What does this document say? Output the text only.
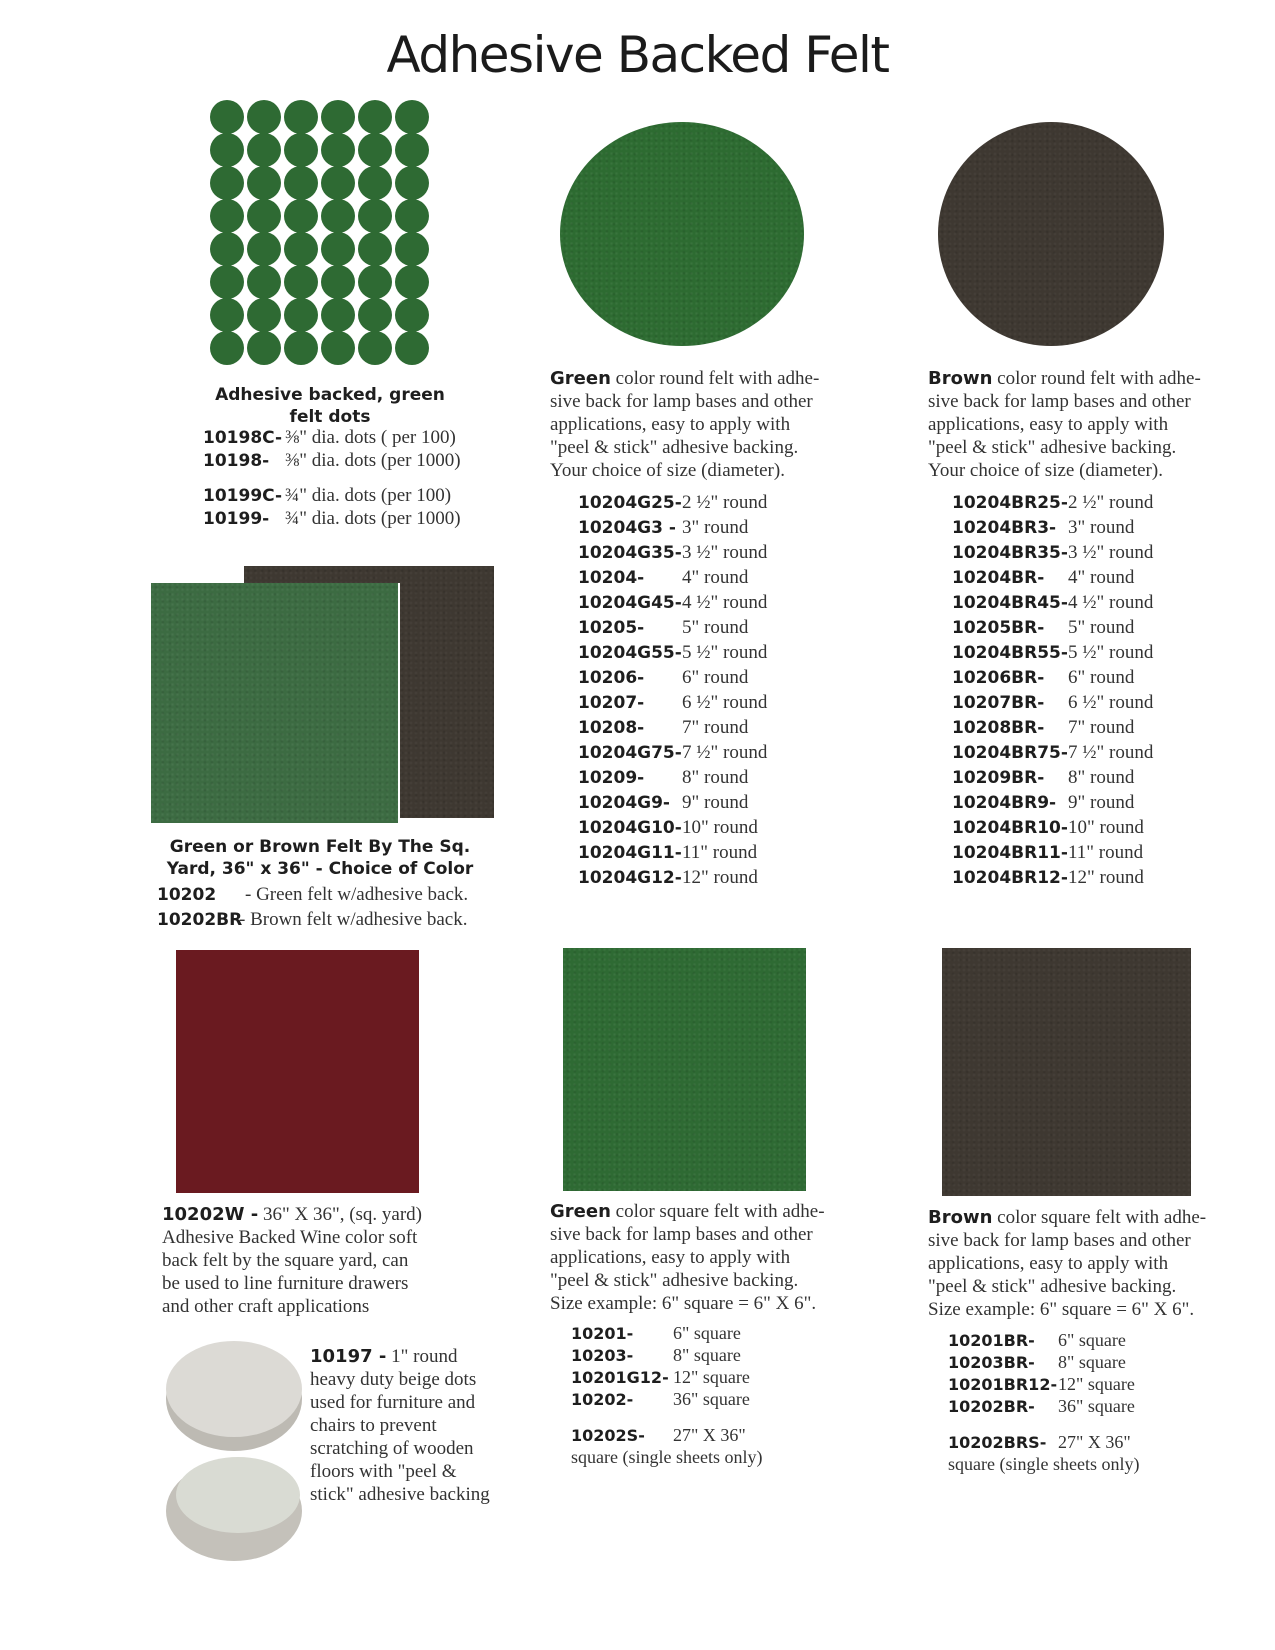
Adhesive Backed Felt
Adhesive backed, green
felt dots
10198C- ⅜" dia. dots ( per 100)
10198- ⅜" dia. dots (per 1000)
10199C- ¾" dia. dots (per 100)
10199- ¾" dia. dots (per 1000)
Green or Brown Felt By The Sq.
Yard, 36" x 36" - Choice of Color
10202 - Green felt w/adhesive back.
10202BR- Brown felt w/adhesive back.
Green color round felt with adhe-
sive back for lamp bases and other
applications, easy to apply with
"peel & stick" adhesive backing.
Your choice of size (diameter).
10204G25-2 ½" round
10204G3 - 3" round
10204G35-3 ½" round
10204- 4" round
10204G45-4 ½" round
10205- 5" round
10204G55-5 ½" round
10206- 6" round
10207- 6 ½" round
10208- 7" round
10204G75-7 ½" round
10209- 8" round
10204G9- 9" round
10204G10-10" round
10204G11-11" round
10204G12-12" round
Brown color round felt with adhe-
sive back for lamp bases and other
applications, easy to apply with
"peel & stick" adhesive backing.
Your choice of size (diameter).
10204BR25-2 ½" round
10204BR3- 3" round
10204BR35-3 ½" round
10204BR- 4" round
10204BR45-4 ½" round
10205BR- 5" round
10204BR55-5 ½" round
10206BR- 6" round
10207BR- 6 ½" round
10208BR- 7" round
10204BR75-7 ½" round
10209BR- 8" round
10204BR9- 9" round
10204BR10-10" round
10204BR11-11" round
10204BR12-12" round
10202W - 36" X 36", (sq. yard)
Adhesive Backed Wine color soft
back felt by the square yard, can
be used to line furniture drawers
and other craft applications
Green color square felt with adhe-
sive back for lamp bases and other
applications, easy to apply with
"peel & stick" adhesive backing.
Size example: 6" square = 6" X 6".
10201- 6" square
10203- 8" square
10201G12- 12" square
10202- 36" square
10202S- 27" X 36"
square (single sheets only)
Brown color square felt with adhe-
sive back for lamp bases and other
applications, easy to apply with
"peel & stick" adhesive backing.
Size example: 6" square = 6" X 6".
10201BR- 6" square
10203BR- 8" square
10201BR12-12" square
10202BR- 36" square
10202BRS- 27" X 36"
square (single sheets only)
10197 - 1" round
heavy duty beige dots
used for furniture and
chairs to prevent
scratching of wooden
floors with "peel &
stick" adhesive backing
